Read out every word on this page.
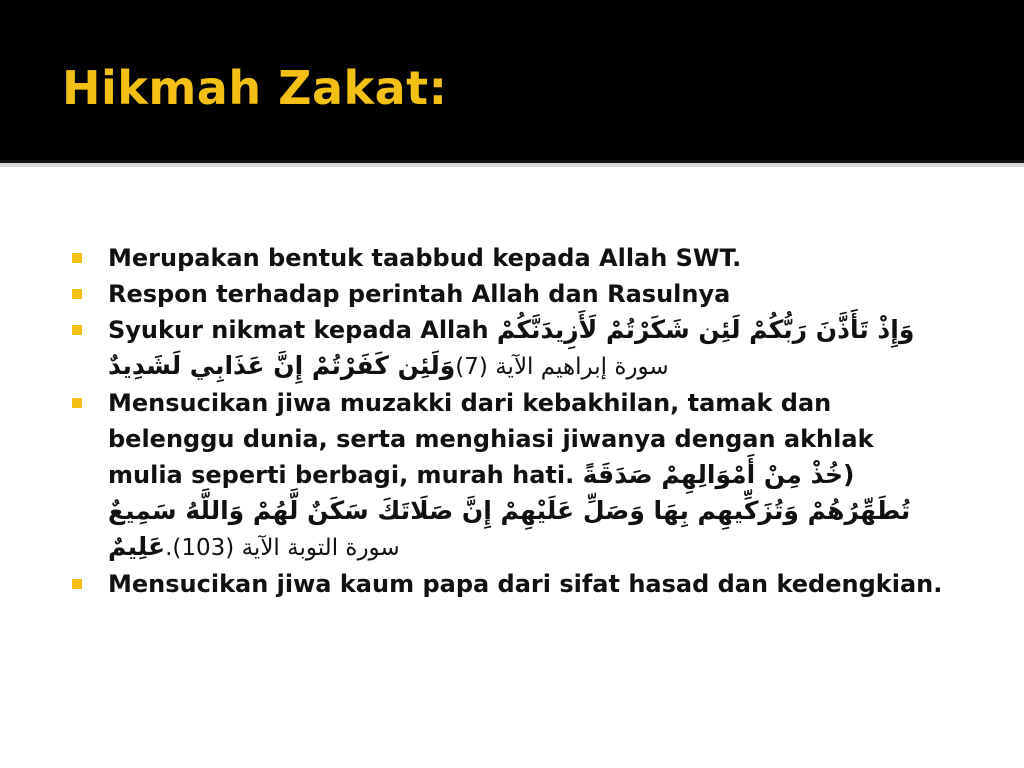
Hikmah Zakat:
Merupakan bentuk taabbud kepada Allah SWT.
Respon terhadap perintah Allah dan Rasulnya
Syukur nikmat kepada Allah وَإِذْ تَأَذَّنَ رَبُّكُمْ لَئِن شَكَرْتُمْ لَأَزِيدَنَّكُمْ وَلَئِن كَفَرْتُمْ إِنَّ عَذَابِي لَشَدِيدٌ سورة إبراهيم الآية (7)
Mensucikan jiwa muzakki dari kebakhilan, tamak dan belenggu dunia, serta menghiasi jiwanya dengan akhlak mulia seperti berbagi, murah hati. (خُذْ مِنْ أَمْوَالِهِمْ صَدَقَةً تُطَهِّرُهُمْ وَتُزَكِّيهِم بِهَا وَصَلِّ عَلَيْهِمْ إِنَّ صَلَاتَكَ سَكَنٌ لَّهُمْ وَاللَّهُ سَمِيعٌ عَلِيمٌ سورة التوبة الآية (103).
Mensucikan jiwa kaum papa dari sifat hasad dan kedengkian.
